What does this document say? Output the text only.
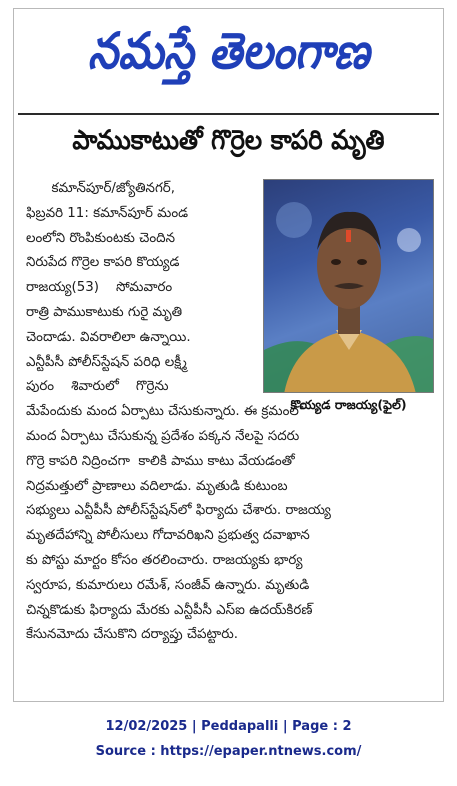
నమస్తే తెలంగాణ
పాముకాటుతో గొర్రెల కాపరి మృతి
కమాన్‌పూర్/జ్యోతినగర్,
ఫిబ్రవరి 11: కమాన్‌పూర్ మండ
లంలోని రొంపికుంటకు చెందిన
నిరుపేద గొర్రెల కాపరి కొయ్యడ
రాజయ్య(53)    సోమవారం
రాత్రి పాముకాటుకు గురై మృతి
చెందాడు. వివరాలిలా ఉన్నాయి.
ఎన్టీపీసీ పోలీస్‌స్టేషన్ పరిధి లక్ష్మీ
పురం    శివారులో    గొర్రెను
మేపేందుకు మంద ఏర్పాటు చేసుకున్నారు. ఈ క్రమంలో
మంద ఏర్పాటు చేసుకున్న ప్రదేశం పక్కన నేలపై సదరు
గొర్రె కాపరి నిద్రించగా  కాలికి పాము కాటు వేయడంతో
నిద్రమత్తులో ప్రాణాలు వదిలాడు. మృతుడి కుటుంబ
సభ్యులు ఎన్టీపీసీ పోలీస్‌స్టేషన్‌లో ఫిర్యాదు చేశారు. రాజయ్య
మృతదేహాన్ని పోలీసులు గోదావరిఖని ప్రభుత్వ దవాఖాన
కు పోస్టు మార్టం కోసం తరలించారు. రాజయ్యకు భార్య
స్వరూప, కుమారులు రమేశ్, సంజీవ్ ఉన్నారు. మృతుడి
చిన్నకొడుకు ఫిర్యాదు మేరకు ఎన్టీపీసీ ఎస్ఐ ఉదయ్‌కిరణ్
కేసునమోదు చేసుకొని దర్యాప్తు చేపట్టారు.
కొయ్యడ రాజయ్య(ఫైల్)
12/02/2025 | Peddapalli | Page : 2
Source : https://epaper.ntnews.com/
